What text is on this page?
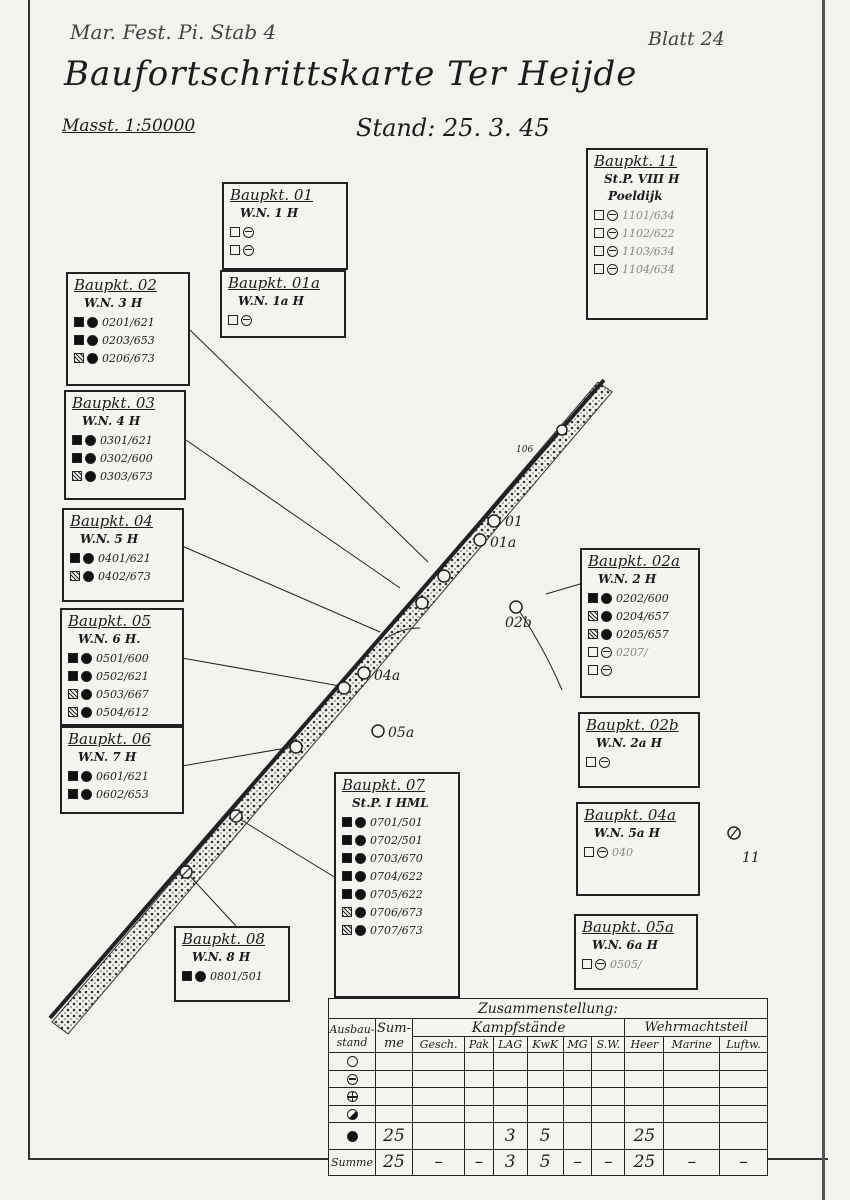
Mar. Fest. Pi. Stab 4	Blatt 24
Baufortschrittskarte Ter Heijde
Masst. 1:50000	Stand: 25. 3. 45
01
01a
02b
04a
05a
11
106
Baupkt. 01
W.N. 1 H
Baupkt. 01a
W.N. 1a H
Baupkt. 02
W.N. 3 H
0201/621
0203/653
0206/673
Baupkt. 03
W.N. 4 H
0301/621
0302/600
0303/673
Baupkt. 04
W.N. 5 H
0401/621
0402/673
Baupkt. 05
W.N. 6 H.
0501/600
0502/621
0503/667
0504/612
Baupkt. 06
W.N. 7 H
0601/621
0602/653	Baupkt. 07
St.P. I HML
0701/501
0702/501
0703/670
0704/622
0705/622
0706/673
0707/673
Baupkt. 08
W.N. 8 H
0801/501
Baupkt. 11
St.P. VIII H
Poeldijk
1101/634
1102/622
1103/634
1104/634
Baupkt. 02a
W.N. 2 H
0202/600
0204/657
0205/657
0207/
Baupkt. 02b
W.N. 2a H
Baupkt. 04a
W.N. 5a H
040
Baupkt. 05a
W.N. 6a H
0505/
Zusammenstellung:										
Ausbau-stand	Sum-me	Kampfstände						Wehrmachtsteil		
		Gesch.	Pak	LAG	KwK	MG	S.W.	Heer	Marine	Luftw.

	25			3	5			25		
Summe	25	–	–	3	5	–	–	25	–	–
